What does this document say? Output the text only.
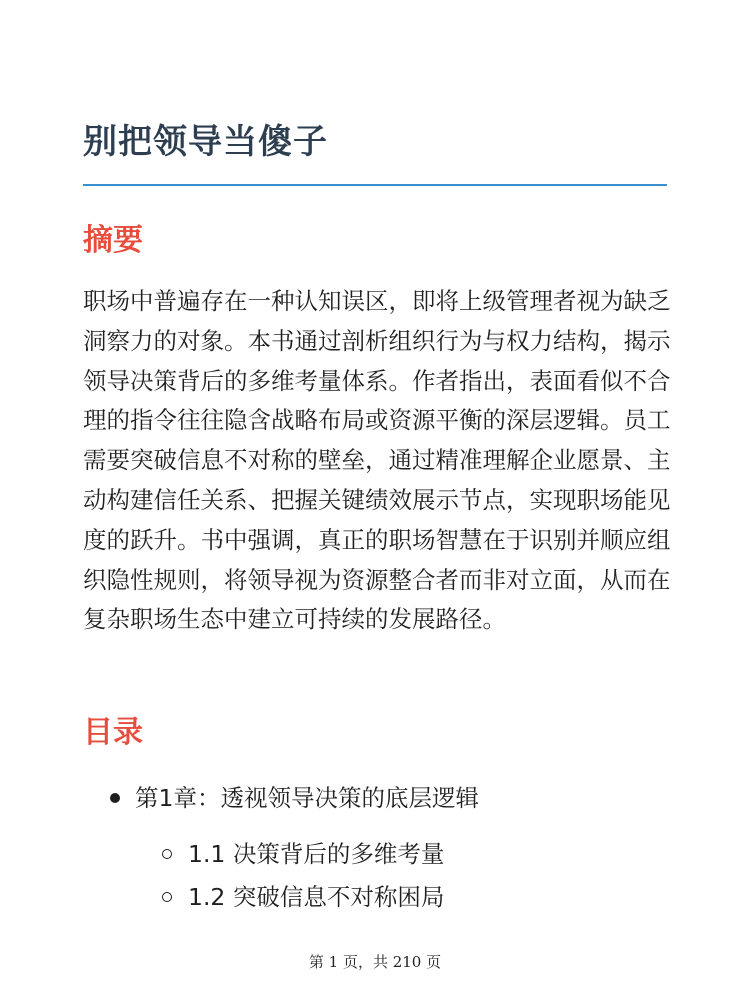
别把领导当傻子
摘要

职场中普遍存在一种认知误区，即将上级管理者视为缺乏洞察力的对象。本书通过剖析组织行为与权力结构，揭示领导决策背后的多维考量体系。作者指出，表面看似不合理的指令往往隐含战略布局或资源平衡的深层逻辑。员工需要突破信息不对称的壁垒，通过精准理解企业愿景、主动构建信任关系、把握关键绩效展示节点，实现职场能见度的跃升。书中强调，真正的职场智慧在于识别并顺应组织隐性规则，将领导视为资源整合者而非对立面，从而在复杂职场生态中建立可持续的发展路径。

目录
第1章：透视领导决策的底层逻辑
1.1 决策背后的多维考量
1.2 突破信息不对称困局
第 1 页，共 210 页
